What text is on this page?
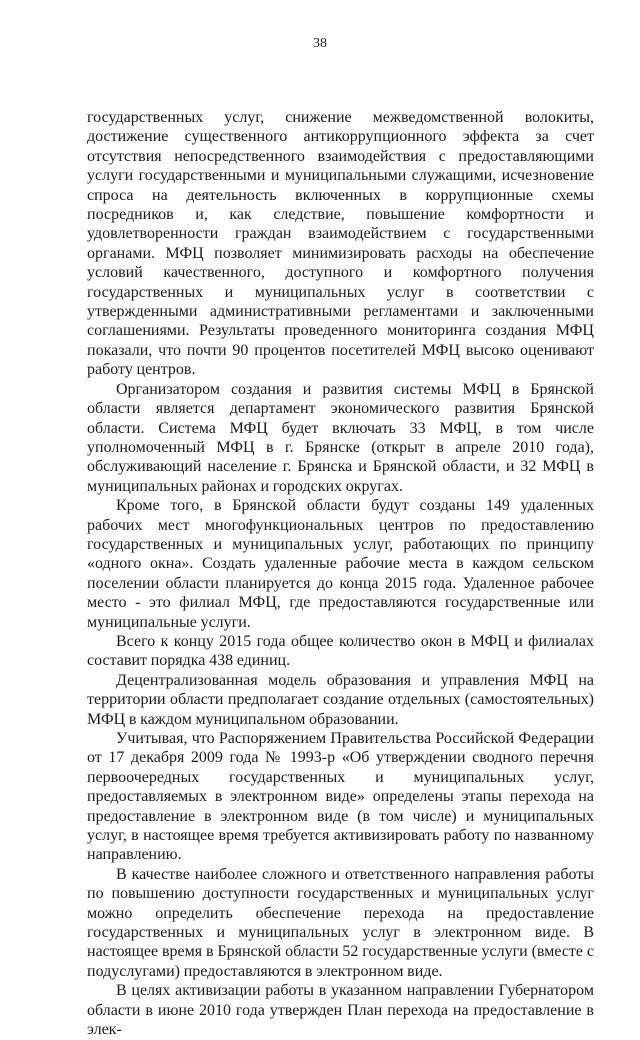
38

государственных услуг, снижение межведомственной волокиты, достижение существенного антикоррупционного эффекта за счет отсутствия непосредственного взаимодействия с предоставляющими услуги государственными и муниципальными служащими, исчезновение спроса на деятельность включенных в коррупционные схемы посредников и, как следствие, повышение комфортности и удовлетворенности граждан взаимодействием с государственными органами. МФЦ позволяет минимизировать расходы на обеспечение условий качественного, доступного и комфортного получения государственных и муниципальных услуг в соответствии с утвержденными административными регламентами и заключенными соглашениями. Результаты проведенного мониторинга создания МФЦ показали, что почти 90 процентов посетителей МФЦ высоко оценивают работу центров.

Организатором создания и развития системы МФЦ в Брянской области является департамент экономического развития Брянской области. Система МФЦ будет включать 33 МФЦ, в том числе уполномоченный МФЦ в г. Брянске (открыт в апреле 2010 года), обслуживающий население г. Брянска и Брянской области, и 32 МФЦ в муниципальных районах и городских округах.

Кроме того, в Брянской области будут созданы 149 удаленных рабочих мест многофункциональных центров по предоставлению государственных и муниципальных услуг, работающих по принципу «одного окна». Создать удаленные рабочие места в каждом сельском поселении области планируется до конца 2015 года. Удаленное рабочее место - это филиал МФЦ, где предоставляются государственные или муниципальные услуги.

Всего к концу 2015 года общее количество окон в МФЦ и филиалах составит порядка 438 единиц.

Децентрализованная модель образования и управления МФЦ на территории области предполагает создание отдельных (самостоятельных) МФЦ в каждом муниципальном образовании.

Учитывая, что Распоряжением Правительства Российской Федерации от 17 декабря 2009 года № 1993-р «Об утверждении сводного перечня первоочередных государственных и муниципальных услуг, предоставляемых в электронном виде» определены этапы перехода на предоставление в электронном виде (в том числе) и муниципальных услуг, в настоящее время требуется активизировать работу по названному направлению.

В качестве наиболее сложного и ответственного направления работы по повышению доступности государственных и муниципальных услуг можно определить обеспечение перехода на предоставление государственных и муниципальных услуг в электронном виде. В настоящее время в Брянской области 52 государственные услуги (вместе с подуслугами) предоставляются в электронном виде.

В целях активизации работы в указанном направлении Губернатором области в июне 2010 года утвержден План перехода на предоставление в элек-
